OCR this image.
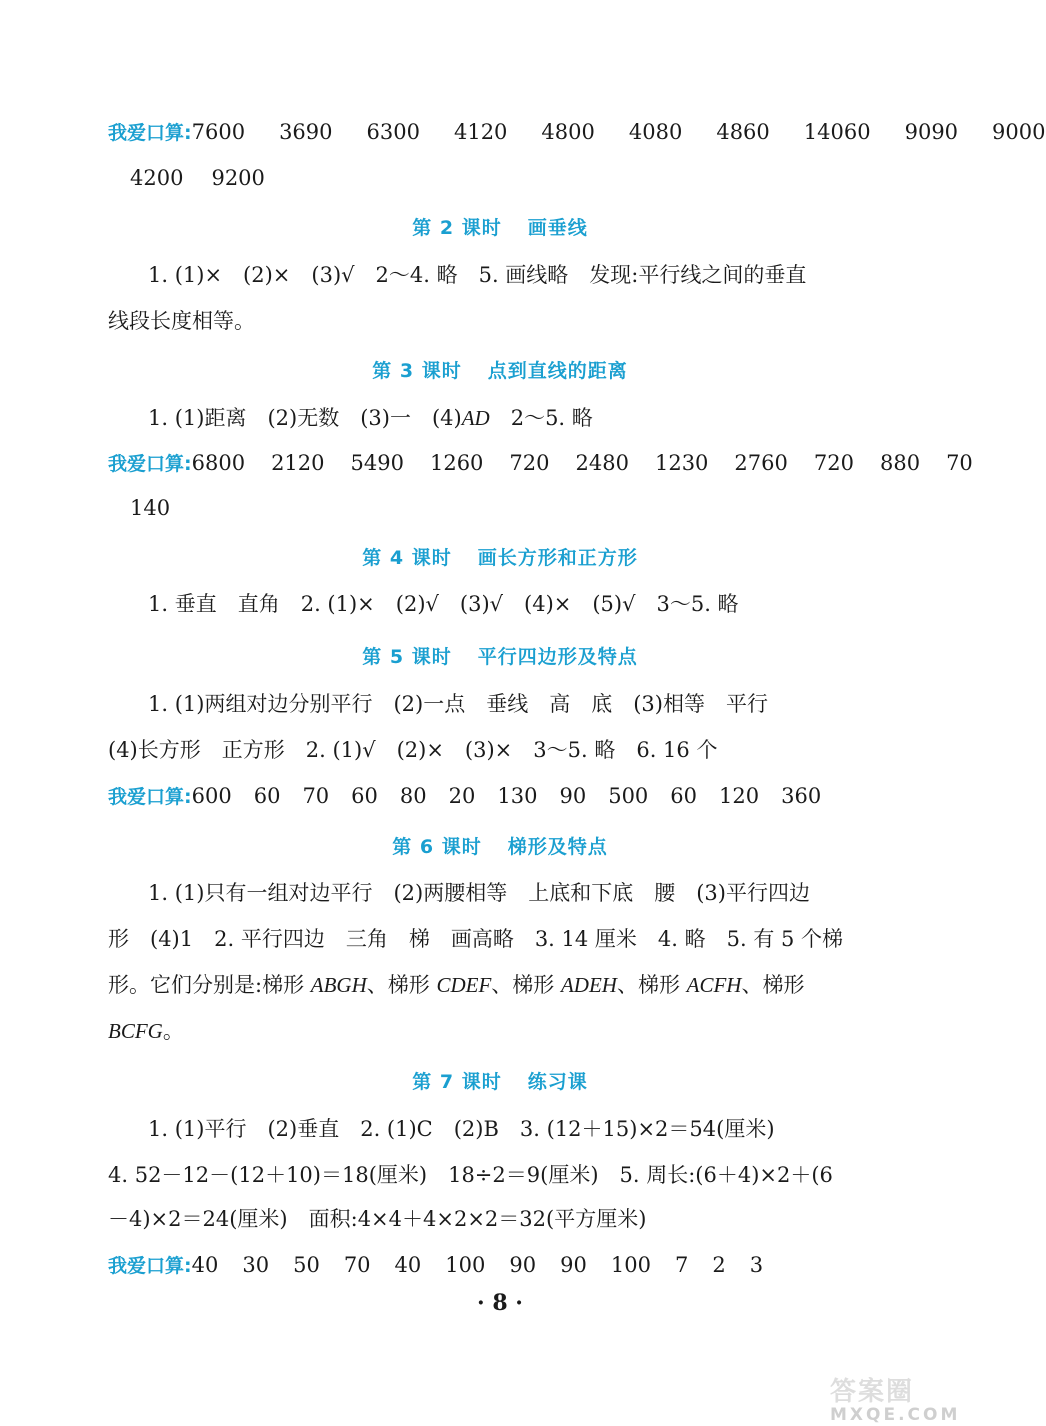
我爱口算:7600 3690 6300 4120 4800 4080 4860 14060 9090 9000
4200 9200
第 2 课时 画垂线
1. (1)×　(2)×　(3)√　2～4. 略　5. 画线略　发现:平行线之间的垂直
线段长度相等。
第 3 课时 点到直线的距离
1. (1)距离　(2)无数　(3)一　(4)AD　2～5. 略
我爱口算:6800 2120 5490 1260 720 2480 1230 2760 720 880 70
140
第 4 课时 画长方形和正方形
1. 垂直　直角　2. (1)×　(2)√　(3)√　(4)×　(5)√　3～5. 略
第 5 课时 平行四边形及特点
1. (1)两组对边分别平行　(2)一点　垂线　高　底　(3)相等　平行
(4)长方形　正方形　2. (1)√　(2)×　(3)×　3～5. 略　6. 16 个
我爱口算:600 60 70 60 80 20 130 90 500 60 120 360
第 6 课时 梯形及特点
1. (1)只有一组对边平行　(2)两腰相等　上底和下底　腰　(3)平行四边
形　(4)1　2. 平行四边　三角　梯　画高略　3. 14 厘米　4. 略　5. 有 5 个梯
形。它们分别是:梯形 ABGH、梯形 CDEF、梯形 ADEH、梯形 ACFH、梯形
BCFG。
第 7 课时 练习课
1. (1)平行　(2)垂直　2. (1)C　(2)B　3. (12＋15)×2＝54(厘米)
4. 52－12－(12＋10)＝18(厘米)　18÷2＝9(厘米)　5. 周长:(6＋4)×2＋(6
－4)×2＝24(厘米)　面积:4×4＋4×2×2＝32(平方厘米)
我爱口算:40 30 50 70 40 100 90 90 100 7 2 3
· 8 ·
答案圈
MXQE.COM
